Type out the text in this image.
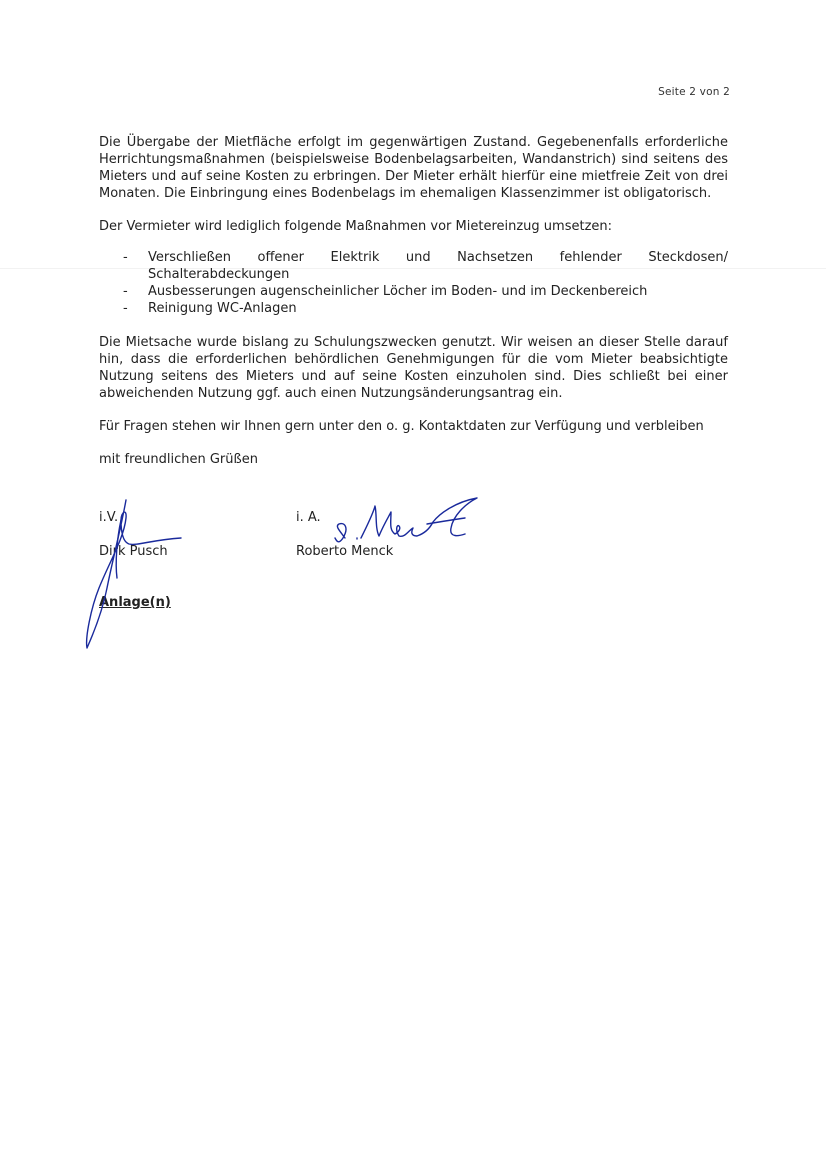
Seite 2 von 2

Die Übergabe der Mietfläche erfolgt im gegenwärtigen Zustand. Gegebenenfalls erforderliche Herrichtungsmaßnahmen (beispielsweise Bodenbelagsarbeiten, Wandanstrich) sind seitens des Mieters und auf seine Kosten zu erbringen. Der Mieter erhält hierfür eine mietfreie Zeit von drei Monaten. Die Einbringung eines Bodenbelags im ehemaligen Klassenzimmer ist obligatorisch.

Der Vermieter wird lediglich folgende Maßnahmen vor Mietereinzug umsetzen:

- Verschließen offener Elektrik und Nachsetzen fehlender Steckdosen/ Schalterabdeckungen
- Ausbesserungen augenscheinlicher Löcher im Boden- und im Deckenbereich
- Reinigung WC-Anlagen

Die Mietsache wurde bislang zu Schulungszwecken genutzt. Wir weisen an dieser Stelle darauf hin, dass die erforderlichen behördlichen Genehmigungen für die vom Mieter beabsichtigte Nutzung seitens des Mieters und auf seine Kosten einzuholen sind. Dies schließt bei einer abweichenden Nutzung ggf. auch einen Nutzungsänderungsantrag ein.

Für Fragen stehen wir Ihnen gern unter den o. g. Kontaktdaten zur Verfügung und verbleiben

mit freundlichen Grüßen

i.V.	i. A.
Dirk Pusch	Roberto Menck
Anlage(n)
